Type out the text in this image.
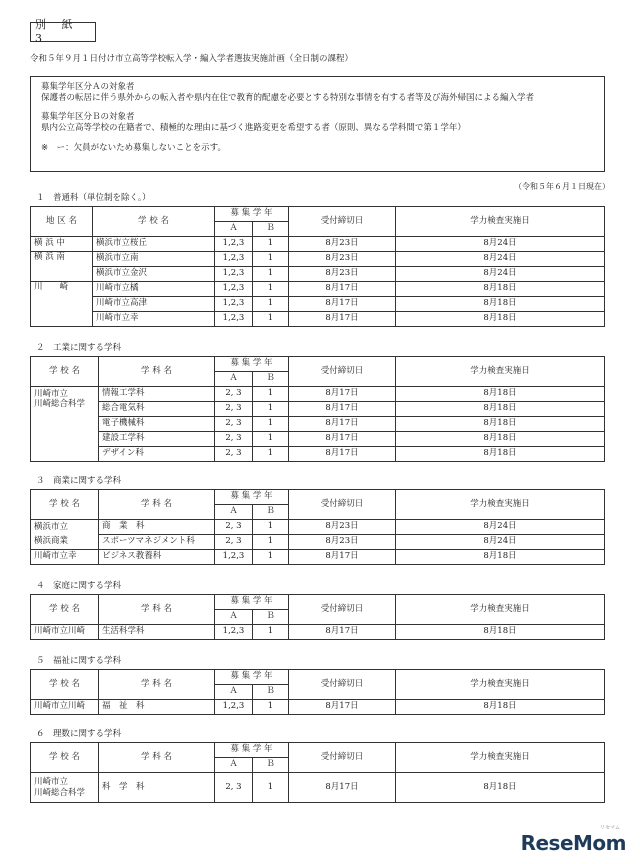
別 紙 3
令和５年９月１日付け市立高等学校転入学・編入学者選抜実施計画（全日制の課程）

募集学年区分Ａの対象者

保護者の転居に伴う県外からの転入者や県内在住で教育的配慮を必要とする特別な事情を有する者等及び海外帰国による編入学者

募集学年区分Ｂの対象者

県内公立高等学校の在籍者で、積極的な理由に基づく進路変更を希望する者（原則、異なる学科間で第１学年）

※　ー：欠員がないため募集しないことを示す。

（令和５年６月１日現在）
１　普通科（単位制を除く。）
地 区 名	学 校 名	募 集 学 年		受付締切日	学力検査実施日
		Ａ	Ｂ		
横 浜 中	横浜市立桜丘	1,2,3	1	8月23日	8月24日
横 浜 南	横浜市立南	1,2,3	1	8月23日	8月24日
	横浜市立金沢	1,2,3	1	8月23日	8月24日
川　　崎	川崎市立橘	1,2,3	1	8月17日	8月18日
	川崎市立高津	1,2,3	1	8月17日	8月18日
	川崎市立幸	1,2,3	1	8月17日	8月18日
２　工業に関する学科
学 校 名	学 科 名	募 集 学 年		受付締切日	学力検査実施日
		Ａ	Ｂ		

川崎市立
川崎総合科学	情報工学科	2, 3	1	8月17日	8月18日
	総合電気科	2, 3	1	8月17日	8月18日
	電子機械科	2, 3	1	8月17日	8月18日
	建設工学科	2, 3	1	8月17日	8月18日
	デザイン科	2, 3	1	8月17日	8月18日
３　商業に関する学科
学 校 名	学 科 名	募 集 学 年		受付締切日	学力検査実施日
		Ａ	Ｂ		
横浜市立	商　業　科	2, 3	1	8月23日	8月24日
横浜商業	スポーツマネジメント科	2, 3	1	8月23日	8月24日
川崎市立幸	ビジネス教養科	1,2,3	1	8月17日	8月18日
４　家庭に関する学科
学 校 名	学 科 名	募 集 学 年		受付締切日	学力検査実施日
		Ａ	Ｂ		
川崎市立川崎	生活科学科	1,2,3	1	8月17日	8月18日
５　福祉に関する学科
学 校 名	学 科 名	募 集 学 年		受付締切日	学力検査実施日
		Ａ	Ｂ		
川崎市立川崎	福　祉　科	1,2,3	1	8月17日	8月18日
６　理数に関する学科
学 校 名	学 科 名	募 集 学 年		受付締切日	学力検査実施日
		Ａ	Ｂ		

川崎市立
川崎総合科学	科　学　科	2, 3	1	8月17日	8月18日
ReseMom
リセマム
